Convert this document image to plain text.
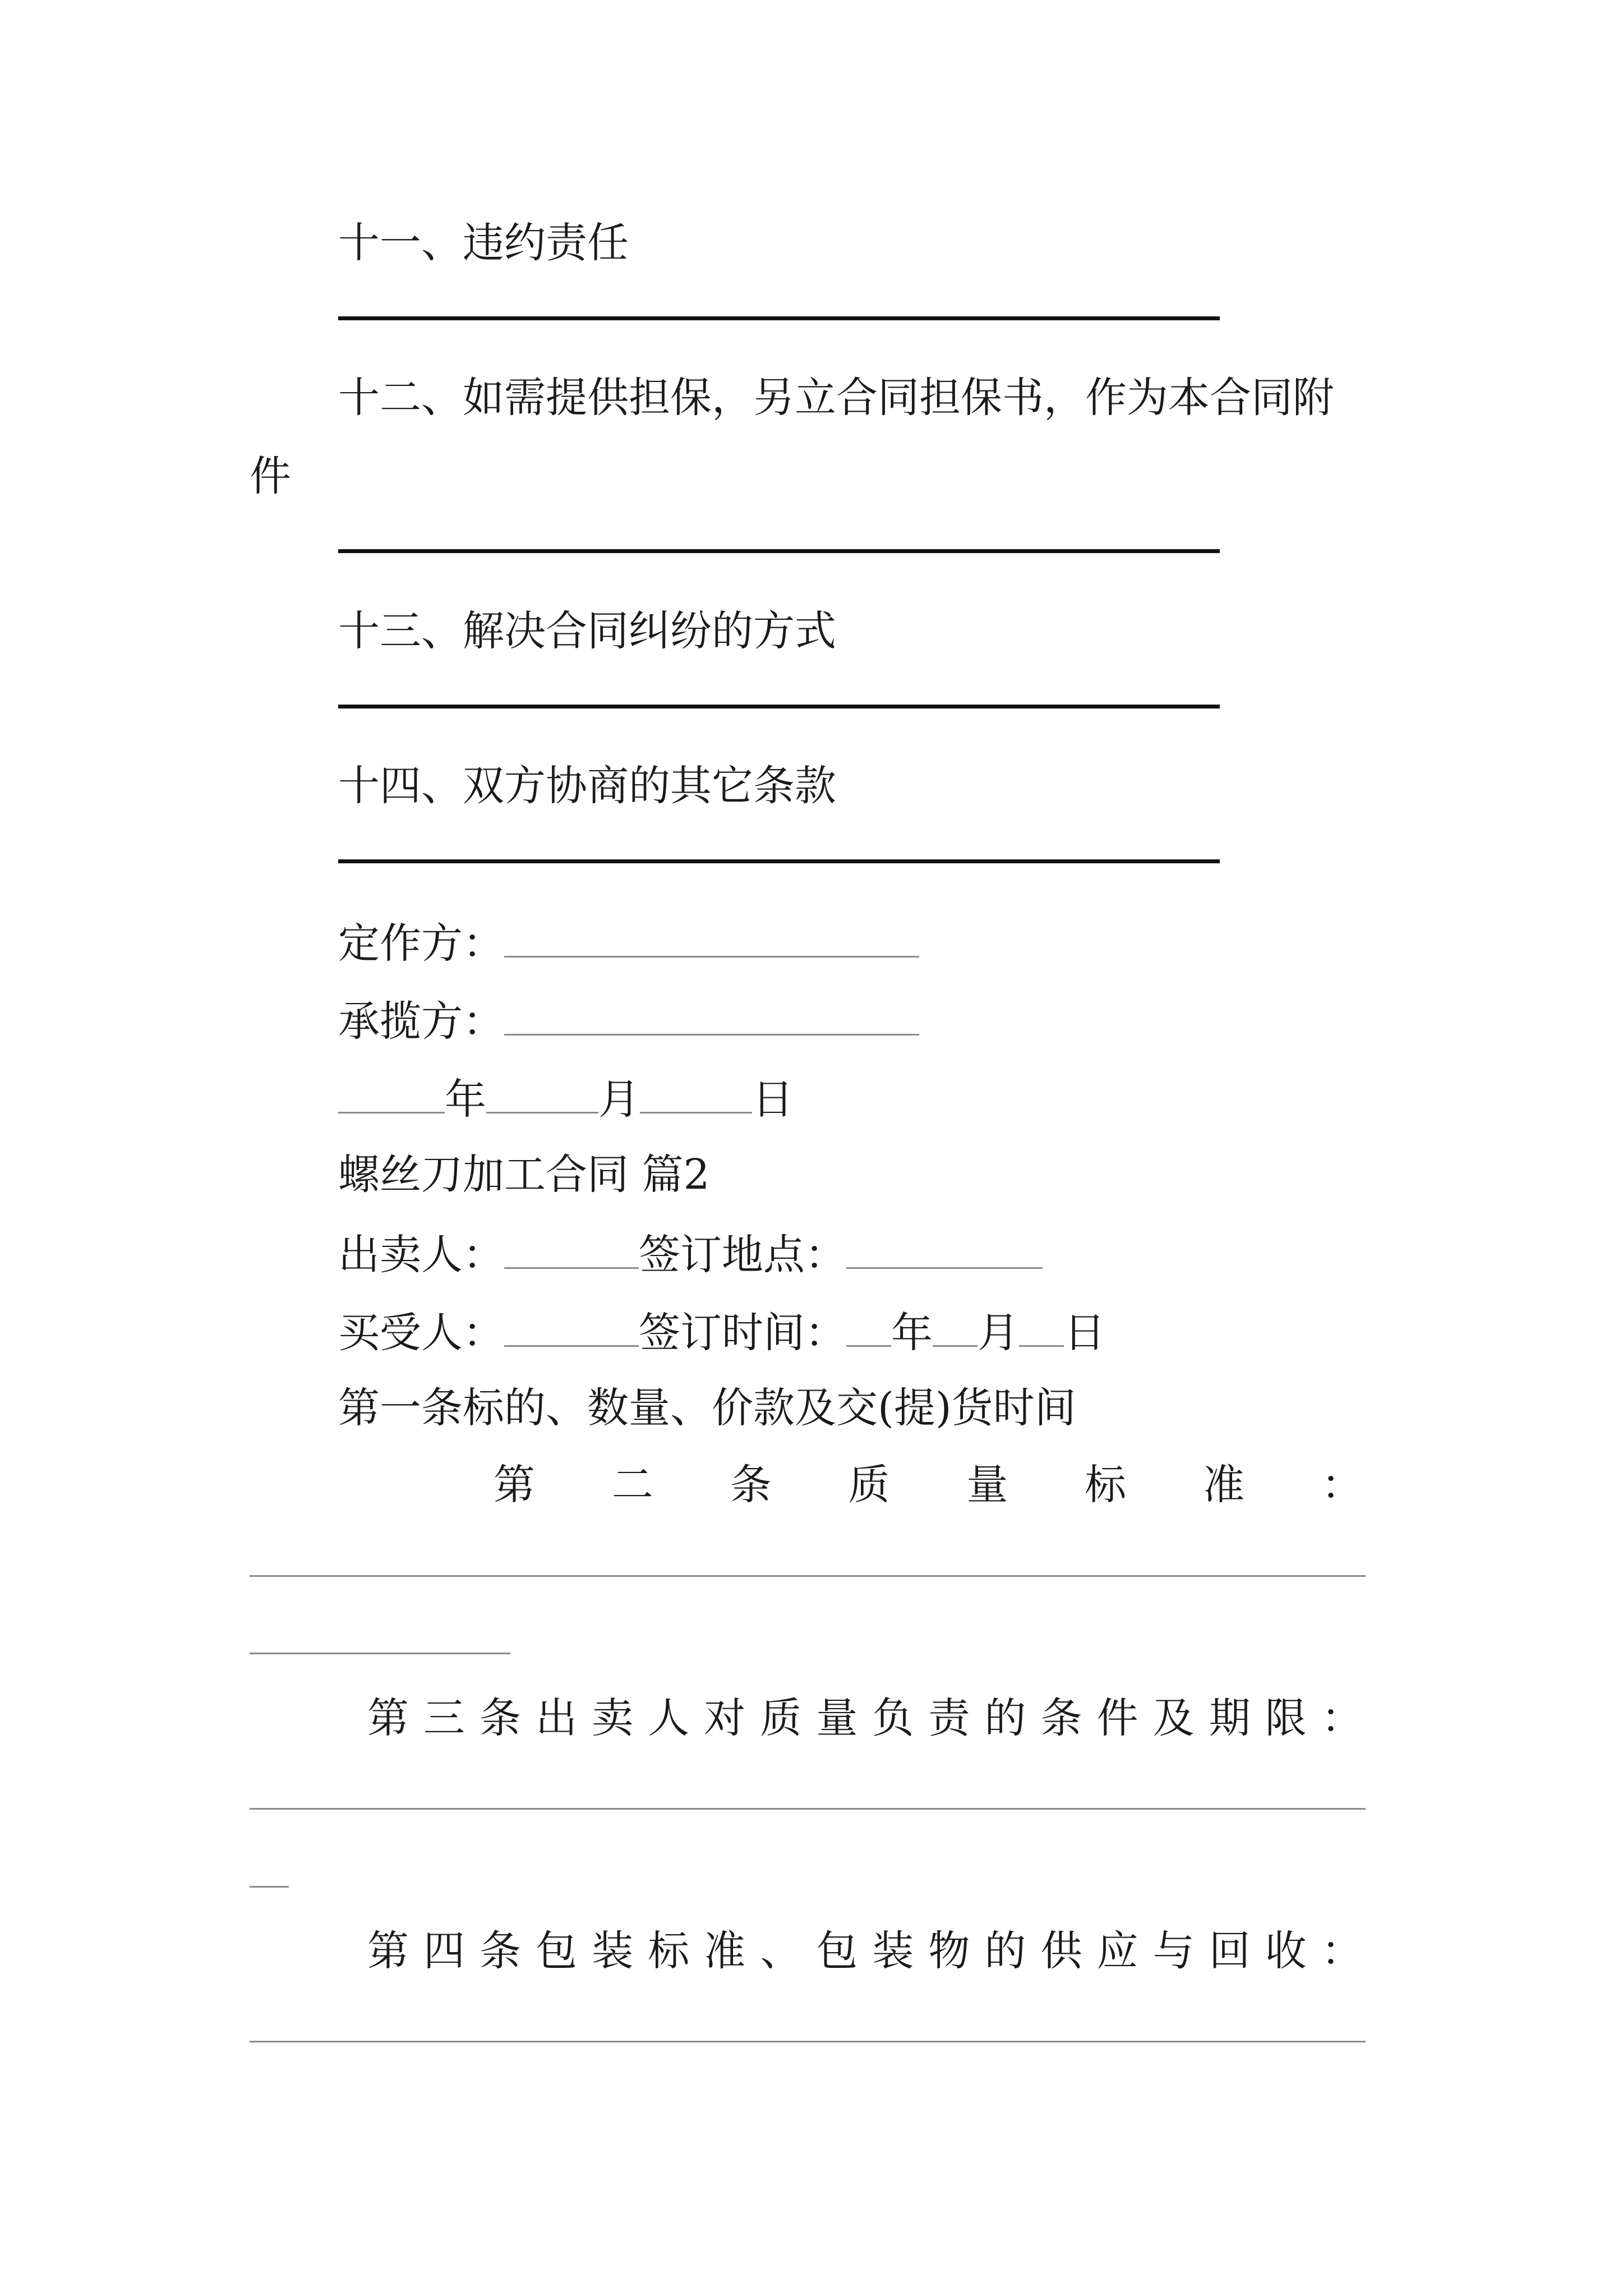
十一、违约责任
十二、如需提供担保，另立合同担保书，作为本合同附
件
十三、解决合同纠纷的方式
十四、双方协商的其它条款
定作方：
承揽方：
年	月	日
螺丝刀加工合同 篇2
出卖人：	签订地点：
买受人：	签订时间： 年 月 日
第一条标的、数量、价款及交(提)货时间
第 二 条 质 量 标 准 ：
第 三 条 出 卖 人 对 质 量 负 责 的 条 件 及 期 限 ：
第 四 条 包 装 标 准 、 包 装 物 的 供 应 与 回 收 ：
